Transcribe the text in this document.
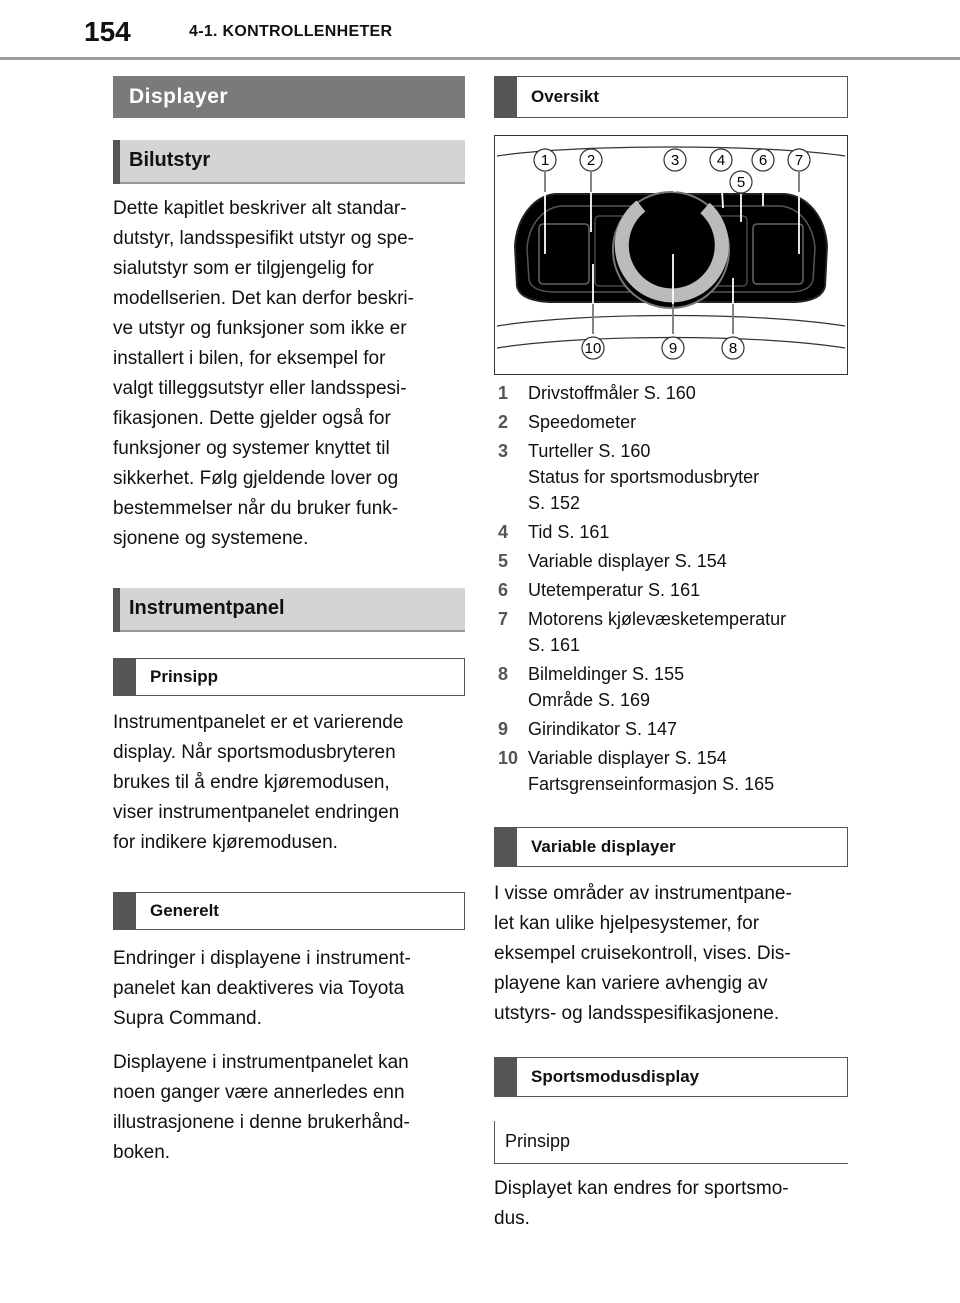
154	4-1. KONTROLLENHETER
Displayer
Bilutstyr

Dette kapitlet beskriver alt standar-

dutstyr, landsspesifikt utstyr og spe-

sialutstyr som er tilgjengelig for

modellserien. Det kan derfor beskri-

ve utstyr og funksjoner som ikke er

installert i bilen, for eksempel for

valgt tilleggsutstyr eller landsspesi-

fikasjonen. Dette gjelder også for

funksjoner og systemer knyttet til

sikkerhet. Følg gjeldende lover og

bestemmelser når du bruker funk-

sjonene og systemene.

Instrumentpanel
Prinsipp

Instrumentpanelet er et varierende

display. Når sportsmodusbryteren

brukes til å endre kjøremodusen,

viser instrumentpanelet endringen

for indikere kjøremodusen.

Generelt

Endringer i displayene i instrument-

panelet kan deaktiveres via Toyota

Supra Command.

Displayene i instrumentpanelet kan

noen ganger være annerledes enn

illustrasjonene i denne brukerhånd-

boken.

Oversikt
1	2	3	4
5
6 7
8
9
10
1	Drivstoffmåler S. 160
2	Speedometer
3	Turteller S. 160
Status for sportsmodusbryter
S. 152
4	Tid S. 161
5	Variable displayer S. 154
6	Utetemperatur S. 161
7	Motorens kjølevæsketemperatur
S. 161
8	Bilmeldinger S. 155
Område S. 169
9	Girindikator S. 147
10 Variable displayer S. 154
Fartsgrenseinformasjon S. 165
Variable displayer

I visse områder av instrumentpane-

let kan ulike hjelpesystemer, for

eksempel cruisekontroll, vises. Dis-

playene kan variere avhengig av

utstyrs- og landsspesifikasjonene.

Sportsmodusdisplay
Prinsipp

Displayet kan endres for sportsmo-

dus.
